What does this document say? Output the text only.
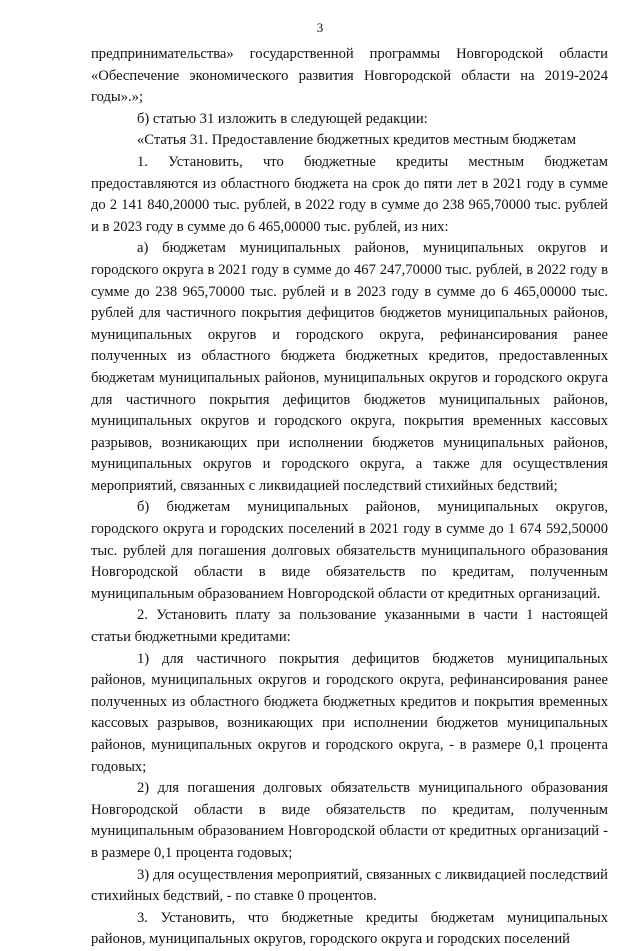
3

предпринимательства» государственной программы Новгородской области «Обеспечение экономического развития Новгородской области на 2019-2024 годы».»;

б) статью 31 изложить в следующей редакции:

«Статья 31. Предоставление бюджетных кредитов местным бюджетам

1. Установить, что бюджетные кредиты местным бюджетам предоставляются из областного бюджета на срок до пяти лет в 2021 году в сумме до 2 141 840,20000 тыс. рублей, в 2022 году в сумме до 238 965,70000 тыс. рублей и в 2023 году в сумме до 6 465,00000 тыс. рублей, из них:

а) бюджетам муниципальных районов, муниципальных округов и городского округа в 2021 году в сумме до 467 247,70000 тыс. рублей, в 2022 году в сумме до 238 965,70000 тыс. рублей и в 2023 году в сумме до 6 465,00000 тыс. рублей для частичного покрытия дефицитов бюджетов муниципальных районов, муниципальных округов и городского округа, рефинансирования ранее полученных из областного бюджета бюджетных кредитов, предоставленных бюджетам муниципальных районов, муниципальных округов и городского округа для частичного покрытия дефицитов бюджетов муниципальных районов, муниципальных округов и городского округа, покрытия временных кассовых разрывов, возникающих при исполнении бюджетов муниципальных районов, муниципальных округов и городского округа, а также для осуществления мероприятий, связанных с ликвидацией последствий стихийных бедствий;

б) бюджетам муниципальных районов, муниципальных округов, городского округа и городских поселений в 2021 году в сумме до 1 674 592,50000 тыс. рублей для погашения долговых обязательств муниципального образования Новгородской области в виде обязательств по кредитам, полученным муниципальным образованием Новгородской области от кредитных организаций.

2. Установить плату за пользование указанными в части 1 настоящей статьи бюджетными кредитами:

1) для частичного покрытия дефицитов бюджетов муниципальных районов, муниципальных округов и городского округа, рефинансирования ранее полученных из областного бюджета бюджетных кредитов и покрытия временных кассовых разрывов, возникающих при исполнении бюджетов муниципальных районов, муниципальных округов и городского округа, - в размере 0,1 процента годовых;

2) для погашения долговых обязательств муниципального образования Новгородской области в виде обязательств по кредитам, полученным муниципальным образованием Новгородской области от кредитных организаций - в размере 0,1 процента годовых;

3) для осуществления мероприятий, связанных с ликвидацией последствий стихийных бедствий, - по ставке 0 процентов.

3. Установить, что бюджетные кредиты бюджетам муниципальных районов, муниципальных округов, городского округа и городских поселений
